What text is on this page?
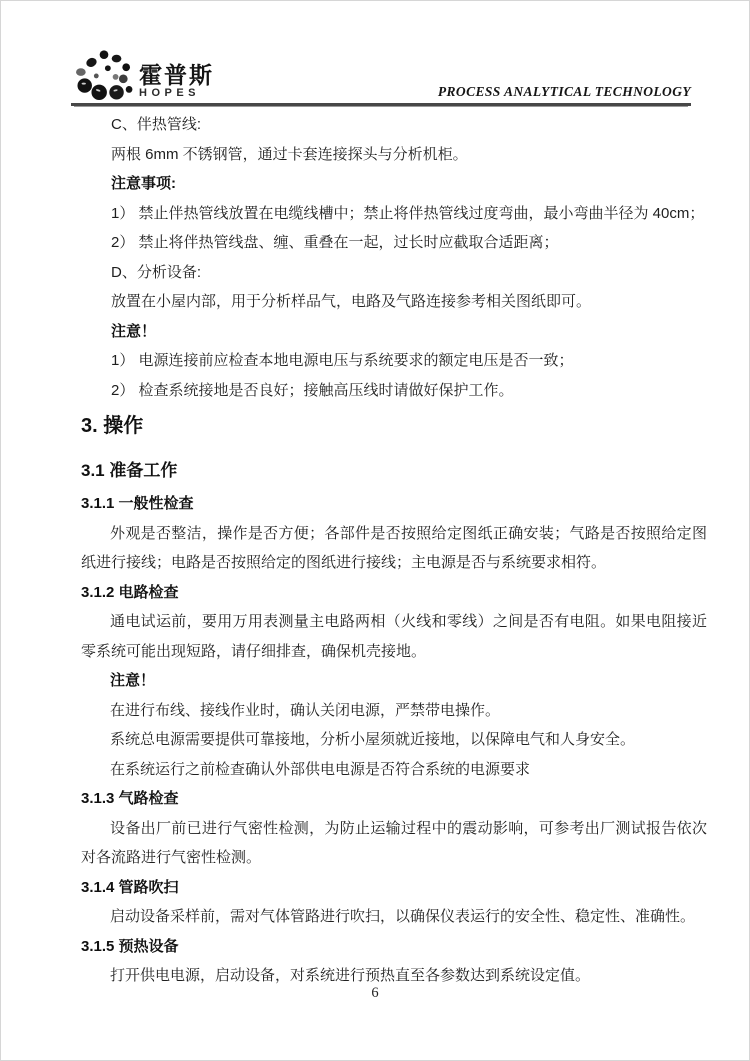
霍普斯
HOPES	PROCESS ANALYTICAL TECHNOLOGY
C、伴热管线:
两根 6mm 不锈钢管，通过卡套连接探头与分析机柜。
注意事项:
1） 禁止伴热管线放置在电缆线槽中；禁止将伴热管线过度弯曲，最小弯曲半径为 40cm；
2） 禁止将伴热管线盘、缠、重叠在一起，过长时应截取合适距离；
D、分析设备:
放置在小屋内部，用于分析样品气，电路及气路连接参考相关图纸即可。
注意！
1） 电源连接前应检查本地电源电压与系统要求的额定电压是否一致；
2） 检查系统接地是否良好；接触高压线时请做好保护工作。
3. 操作
3.1 准备工作
3.1.1 一般性检查
外观是否整洁，操作是否方便；各部件是否按照给定图纸正确安装；气路是否按照给定图纸进行接线；电路是否按照给定的图纸进行接线；主电源是否与系统要求相符。
3.1.2 电路检查
通电试运前，要用万用表测量主电路两相（火线和零线）之间是否有电阻。如果电阻接近零系统可能出现短路，请仔细排查，确保机壳接地。
注意！
在进行布线、接线作业时，确认关闭电源，严禁带电操作。
系统总电源需要提供可靠接地，分析小屋须就近接地，以保障电气和人身安全。
在系统运行之前检查确认外部供电电源是否符合系统的电源要求
3.1.3 气路检查
设备出厂前已进行气密性检测，为防止运输过程中的震动影响，可参考出厂测试报告依次对各流路进行气密性检测。
3.1.4 管路吹扫
启动设备采样前，需对气体管路进行吹扫，以确保仪表运行的安全性、稳定性、准确性。
3.1.5 预热设备
打开供电电源，启动设备，对系统进行预热直至各参数达到系统设定值。
6
